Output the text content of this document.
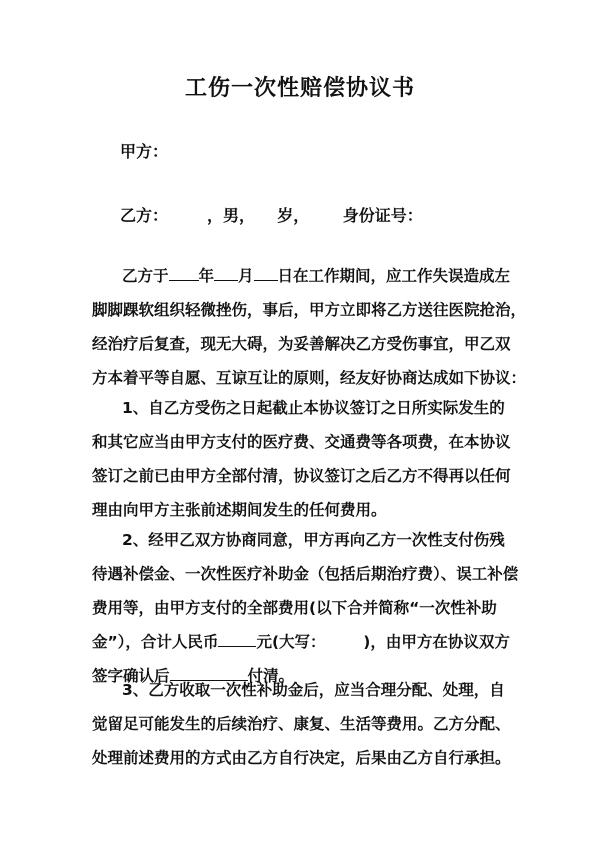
工伤一次性赔偿协议书
甲方：
乙方：       ，男，    岁，      身份证号：
乙方于 年 月 日在工作期间，应工作失误造成左
脚脚踝软组织轻微挫伤，事后，甲方立即将乙方送往医院抢治，
经治疗后复查，现无大碍，为妥善解决乙方受伤事宜，甲乙双
方本着平等自愿、互谅互让的原则，经友好协商达成如下协议：
1、自乙方受伤之日起截止本协议签订之日所实际发生的
和其它应当由甲方支付的医疗费、交通费等各项费，在本协议
签订之前已由甲方全部付清，协议签订之后乙方不得再以任何
理由向甲方主张前述期间发生的任何费用。
2、经甲乙双方协商同意，甲方再向乙方一次性支付伤残
待遇补偿金、一次性医疗补助金（包括后期治疗费）、误工补偿
费用等，由甲方支付的全部费用(以下合并简称“一次性补助
金”），合计人民币 元(大写：       )，由甲方在协议双方
签字确认后	付清。
3、乙方收取一次性补助金后，应当合理分配、处理，自
觉留足可能发生的后续治疗、康复、生活等费用。乙方分配、
处理前述费用的方式由乙方自行决定，后果由乙方自行承担。
